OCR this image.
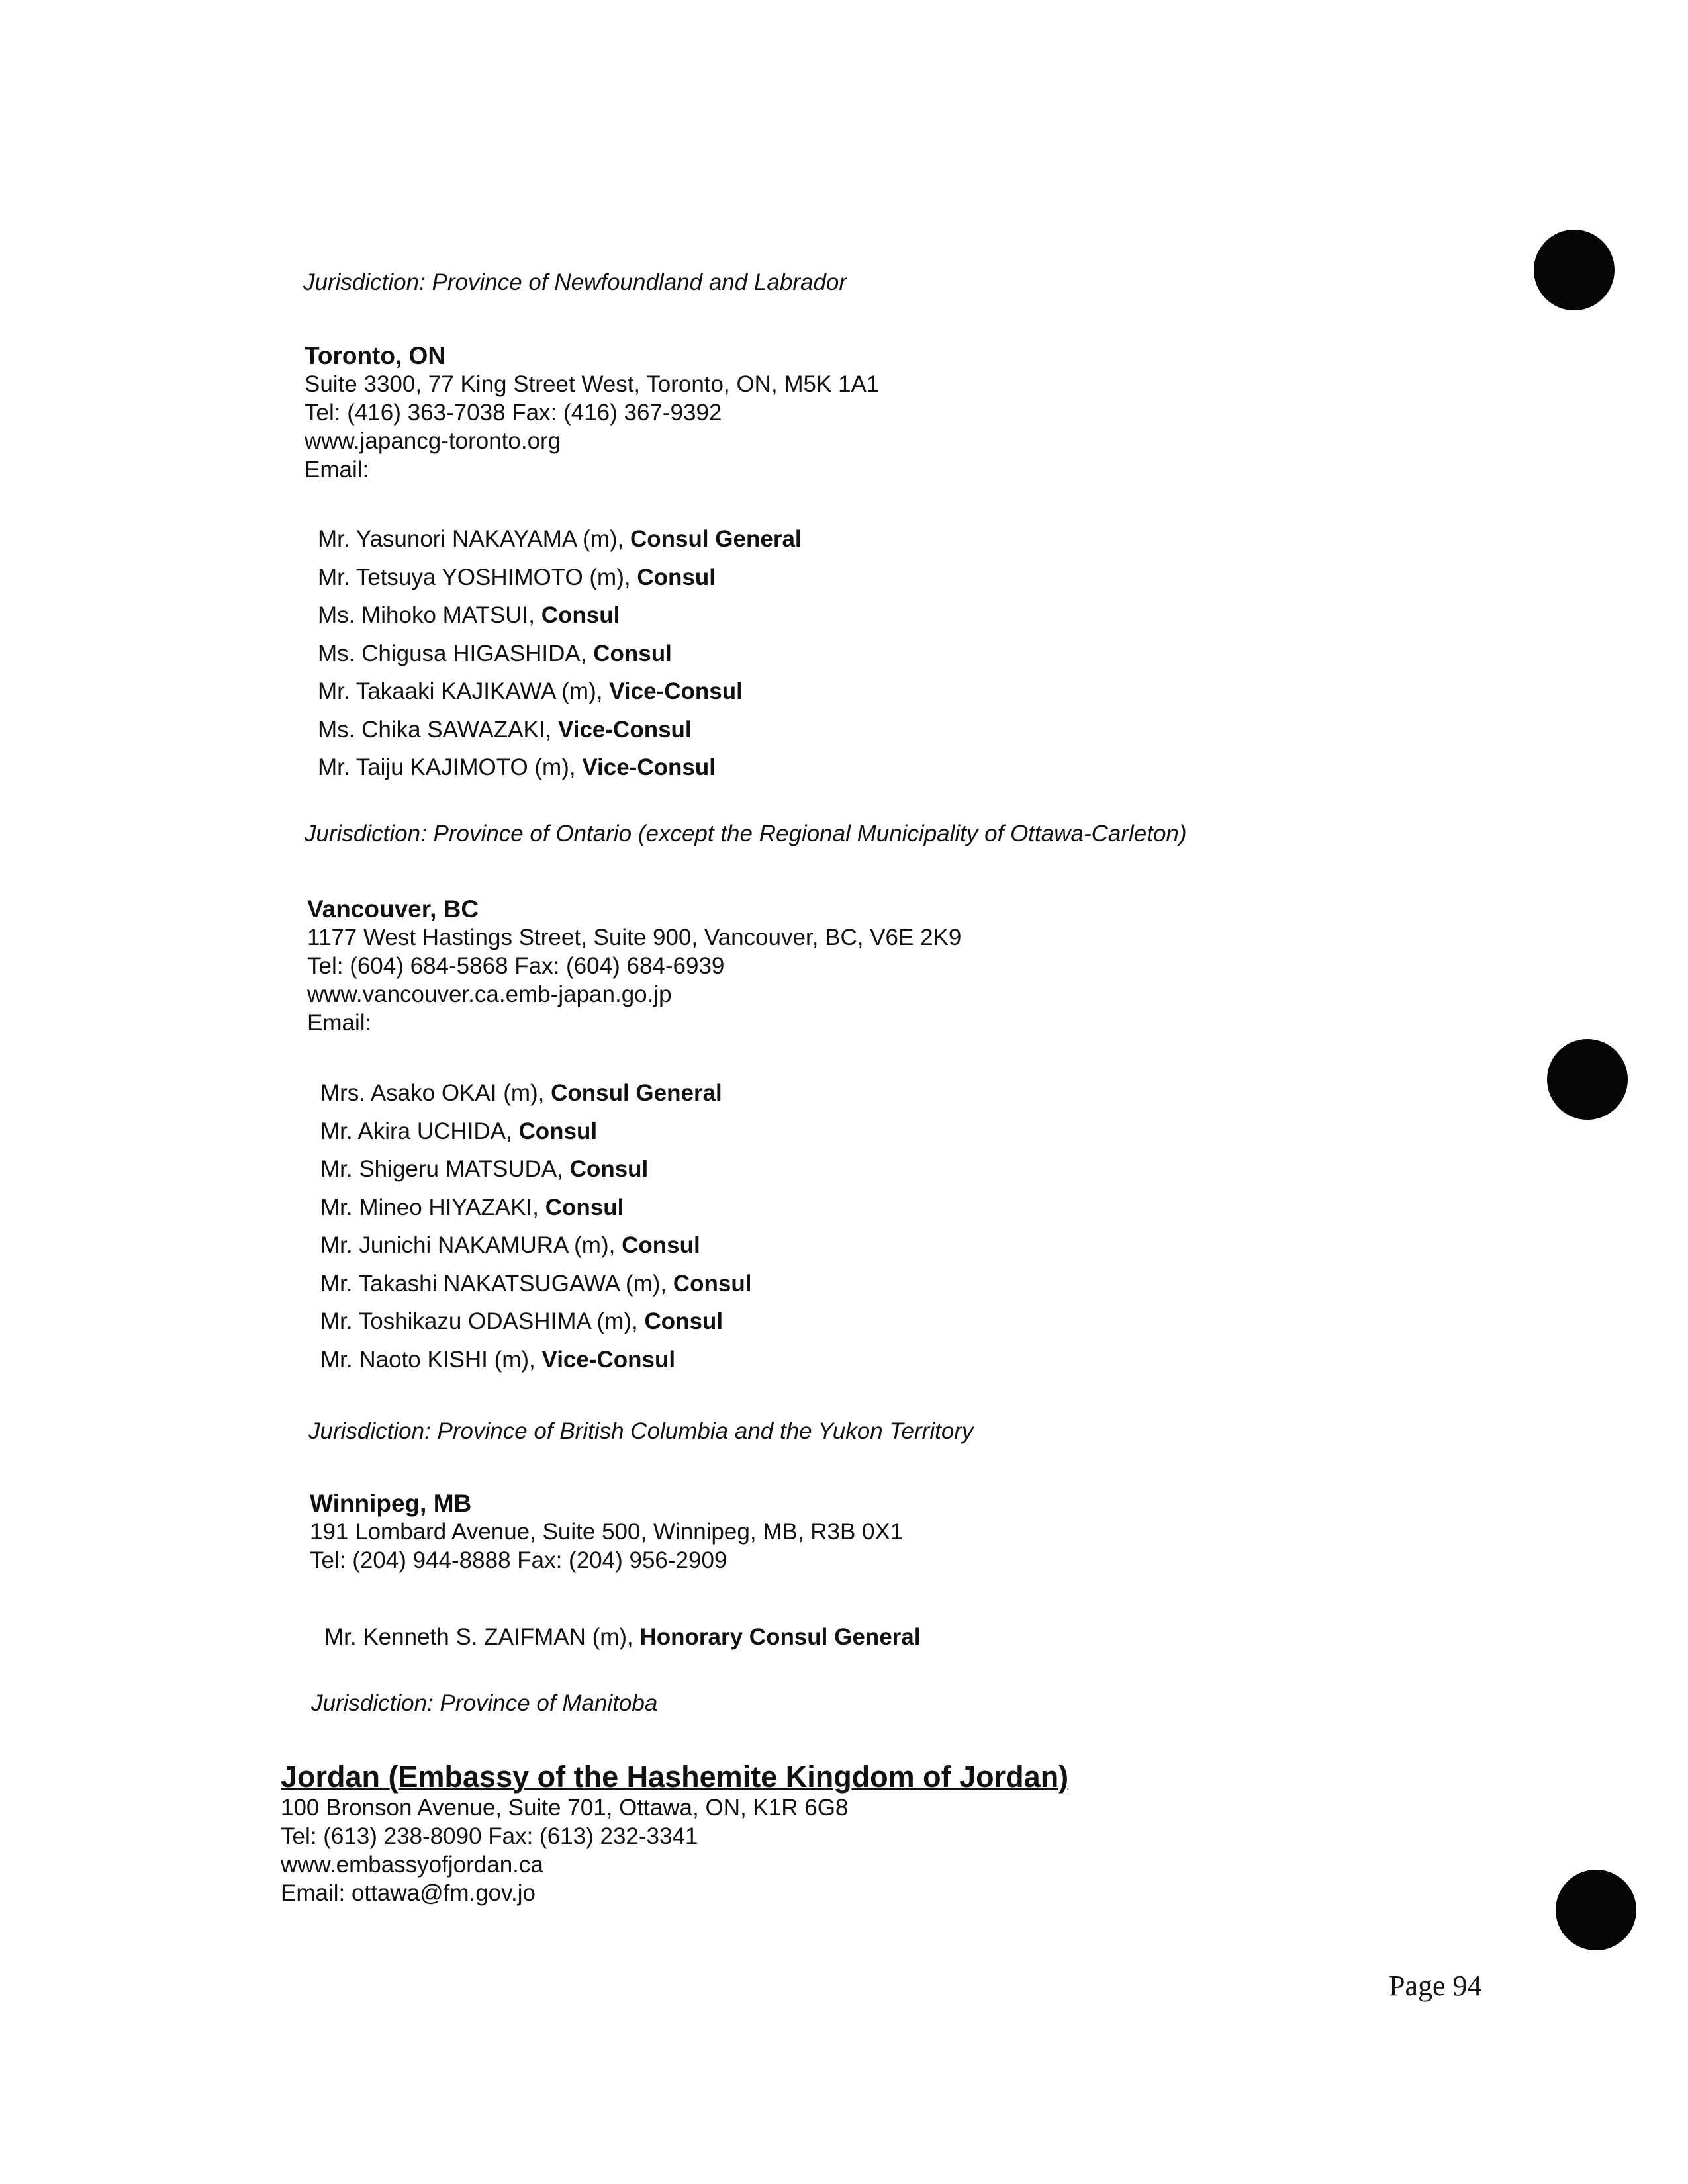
Jurisdiction: Province of Newfoundland and Labrador
Toronto, ON
Suite 3300, 77 King Street West, Toronto, ON, M5K 1A1
Tel: (416) 363-7038 Fax: (416) 367-9392
www.japancg-toronto.org
Email:
Mr. Yasunori NAKAYAMA (m), Consul General
Mr. Tetsuya YOSHIMOTO (m), Consul
Ms. Mihoko MATSUI, Consul
Ms. Chigusa HIGASHIDA, Consul
Mr. Takaaki KAJIKAWA (m), Vice-Consul
Ms. Chika SAWAZAKI, Vice-Consul
Mr. Taiju KAJIMOTO (m), Vice-Consul
Jurisdiction: Province of Ontario (except the Regional Municipality of Ottawa-Carleton)
Vancouver, BC
1177 West Hastings Street, Suite 900, Vancouver, BC, V6E 2K9
Tel: (604) 684-5868 Fax: (604) 684-6939
www.vancouver.ca.emb-japan.go.jp
Email:
Mrs. Asako OKAI (m), Consul General
Mr. Akira UCHIDA, Consul
Mr. Shigeru MATSUDA, Consul
Mr. Mineo HIYAZAKI, Consul
Mr. Junichi NAKAMURA (m), Consul
Mr. Takashi NAKATSUGAWA (m), Consul
Mr. Toshikazu ODASHIMA (m), Consul
Mr. Naoto KISHI (m), Vice-Consul
Jurisdiction: Province of British Columbia and the Yukon Territory
Winnipeg, MB
191 Lombard Avenue, Suite 500, Winnipeg, MB, R3B 0X1
Tel: (204) 944-8888 Fax: (204) 956-2909
Mr. Kenneth S. ZAIFMAN (m), Honorary Consul General
Jurisdiction: Province of Manitoba
Jordan (Embassy of the Hashemite Kingdom of Jordan)
100 Bronson Avenue, Suite 701, Ottawa, ON, K1R 6G8
Tel: (613) 238-8090 Fax: (613) 232-3341
www.embassyofjordan.ca
Email: ottawa@fm.gov.jo
Page 94
